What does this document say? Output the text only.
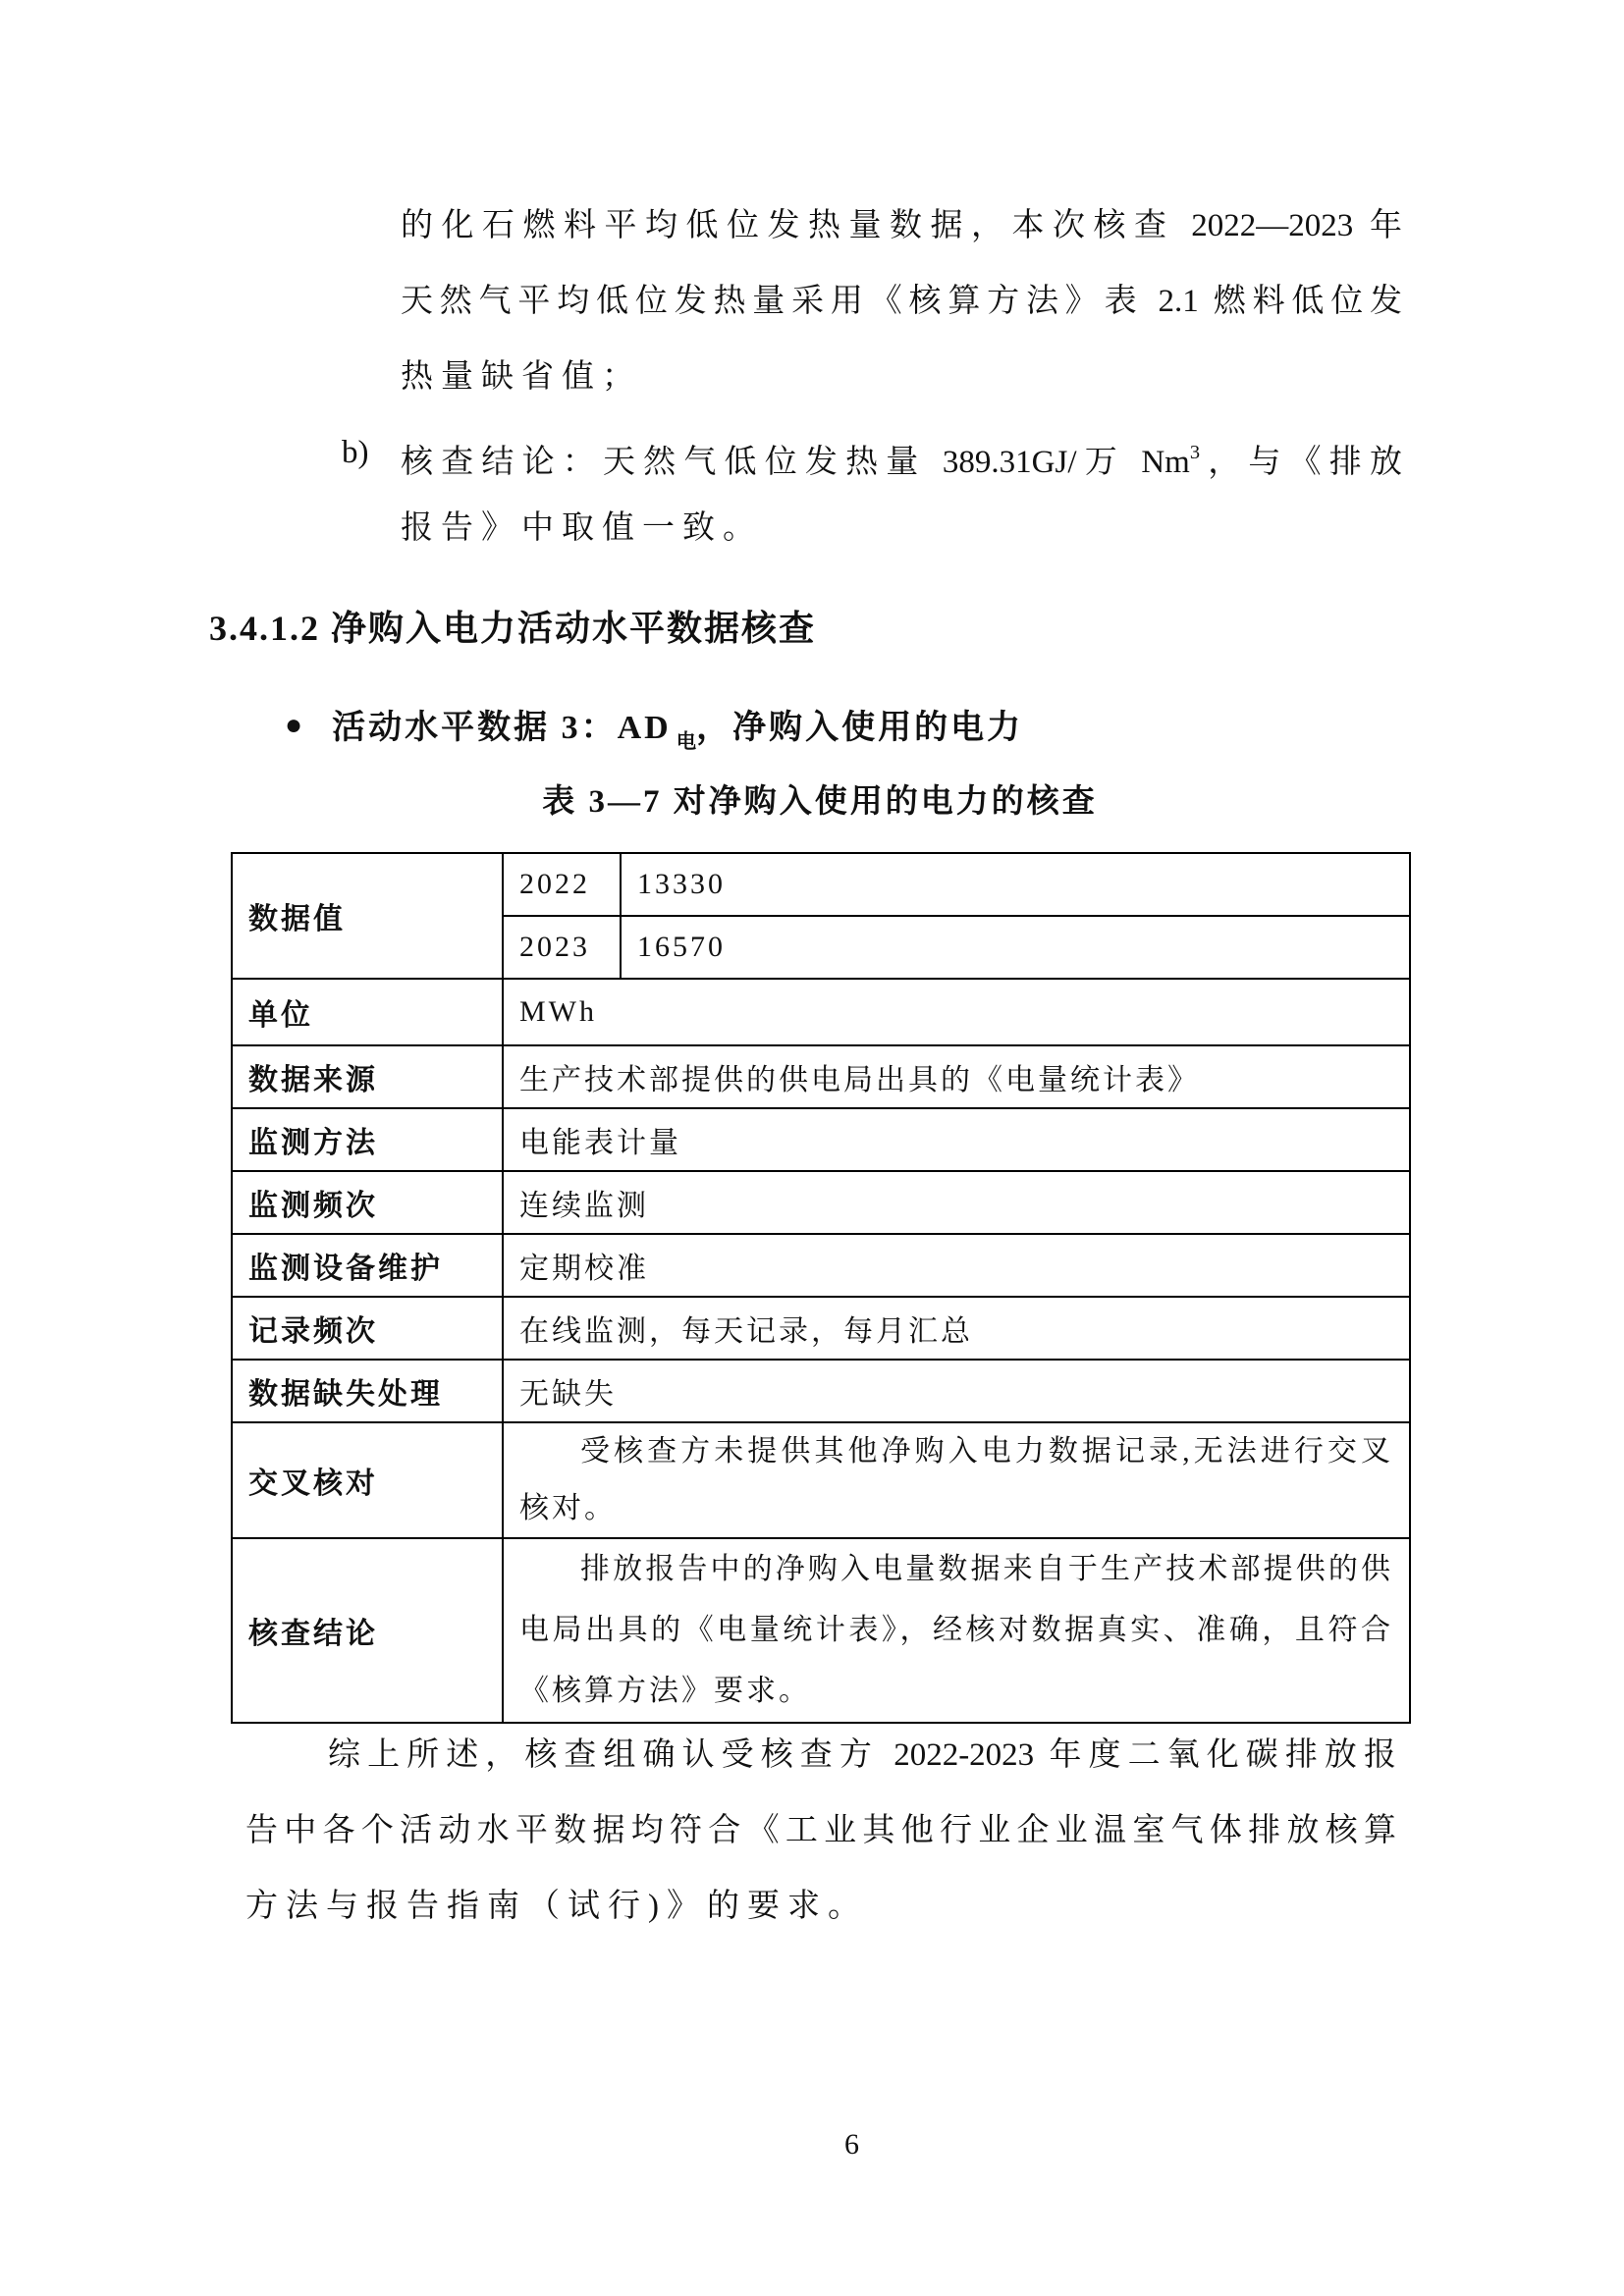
的化石燃料平均低位发热量数据，本次核查 2022—2023 年
天然气平均低位发热量采用《核算方法》表 2.1 燃料低位发
热量缺省值；
核查结论：天然气低位发热量 389.31GJ/万 Nm$^3$，与《排放
报告》中取值一致。
b)
3.4.1.2 净购入电力活动水平数据核查
● 活动水平数据 3：AD $_电$，净购入使用的电力
表 3—7 对净购入使用的电力的核查
数据值	2022	13330
	2023	16570
单位	MWh	
数据来源	生产技术部提供的供电局出具的《电量统计表》	
监测方法	电能表计量	
监测频次	连续监测	
监测设备维护	定期校准	
记录频次	在线监测，每天记录，每月汇总	
数据缺失处理	无缺失	
交叉核对	受核查方未提供其他净购入电力数据记录,无法进行交叉核对。	
核查结论	排放报告中的净购入电量数据来自于生产技术部提供的供电局出具的《电量统计表》，经核对数据真实、准确，且符合《核算方法》要求。	
综上所述，核查组确认受核查方 2022-2023 年度二氧化碳排放报
告中各个活动水平数据均符合《工业其他行业企业温室气体排放核算
方法与报告指南（试行)》的要求。
6
